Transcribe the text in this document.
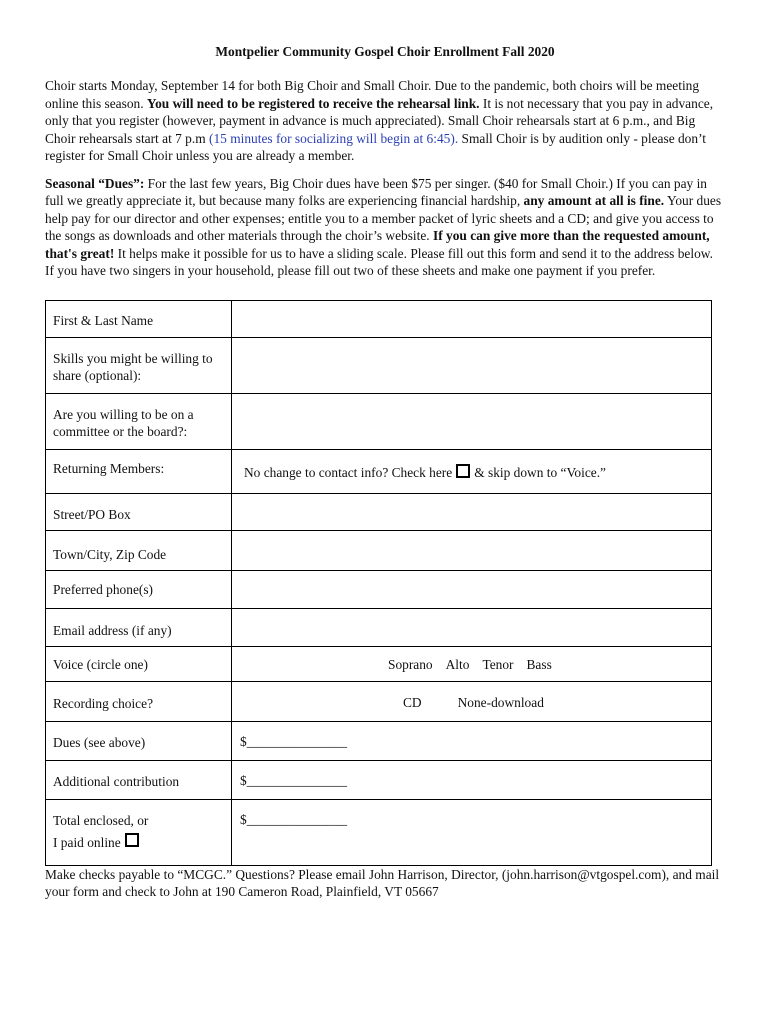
Montpelier Community Gospel Choir Enrollment Fall 2020

Choir starts Monday, September 14 for both Big Choir and Small Choir. Due to the pandemic, both choirs will be meeting online this season. You will need to be registered to receive the rehearsal link. It is not necessary that you pay in advance, only that you register (however, payment in advance is much appreciated). Small Choir rehearsals start at 6 p.m., and Big Choir rehearsals start at 7 p.m (15 minutes for socializing will begin at 6:45). Small Choir is by audition only - please don’t register for Small Choir unless you are already a member.

Seasonal “Dues”: For the last few years, Big Choir dues have been $75 per singer. ($40 for Small Choir.) If you can pay in full we greatly appreciate it, but because many folks are experiencing financial hardship, any amount at all is fine. Your dues help pay for our director and other expenses; entitle you to a member packet of lyric sheets and a CD; and give you access to the songs as downloads and other materials through the choir’s website. If you can give more than the requested amount, that's great! It helps make it possible for us to have a sliding scale. Please fill out this form and send it to the address below. If you have two singers in your household, please fill out two of these sheets and make one payment if you prefer.

First & Last Name	
Skills you might be willing to share (optional):	
Are you willing to be on a committee or the board?:	
Returning Members:	No change to contact info? Check here & skip down to “Voice.”

Street/PO Box	
Town/City, Zip Code	
Preferred phone(s)	
Email address (if any)	
Voice (circle one)	Soprano Alto Tenor Bass

Recording choice?	CD None-download

Dues (see above)	$_______________

Additional contribution	$_______________

Total enclosed, or
I paid online	$_______________

Make checks payable to “MCGC.” Questions? Please email John Harrison, Director, (john.harrison@vtgospel.com), and mail your form and check to John at 190 Cameron Road, Plainfield, VT 05667
